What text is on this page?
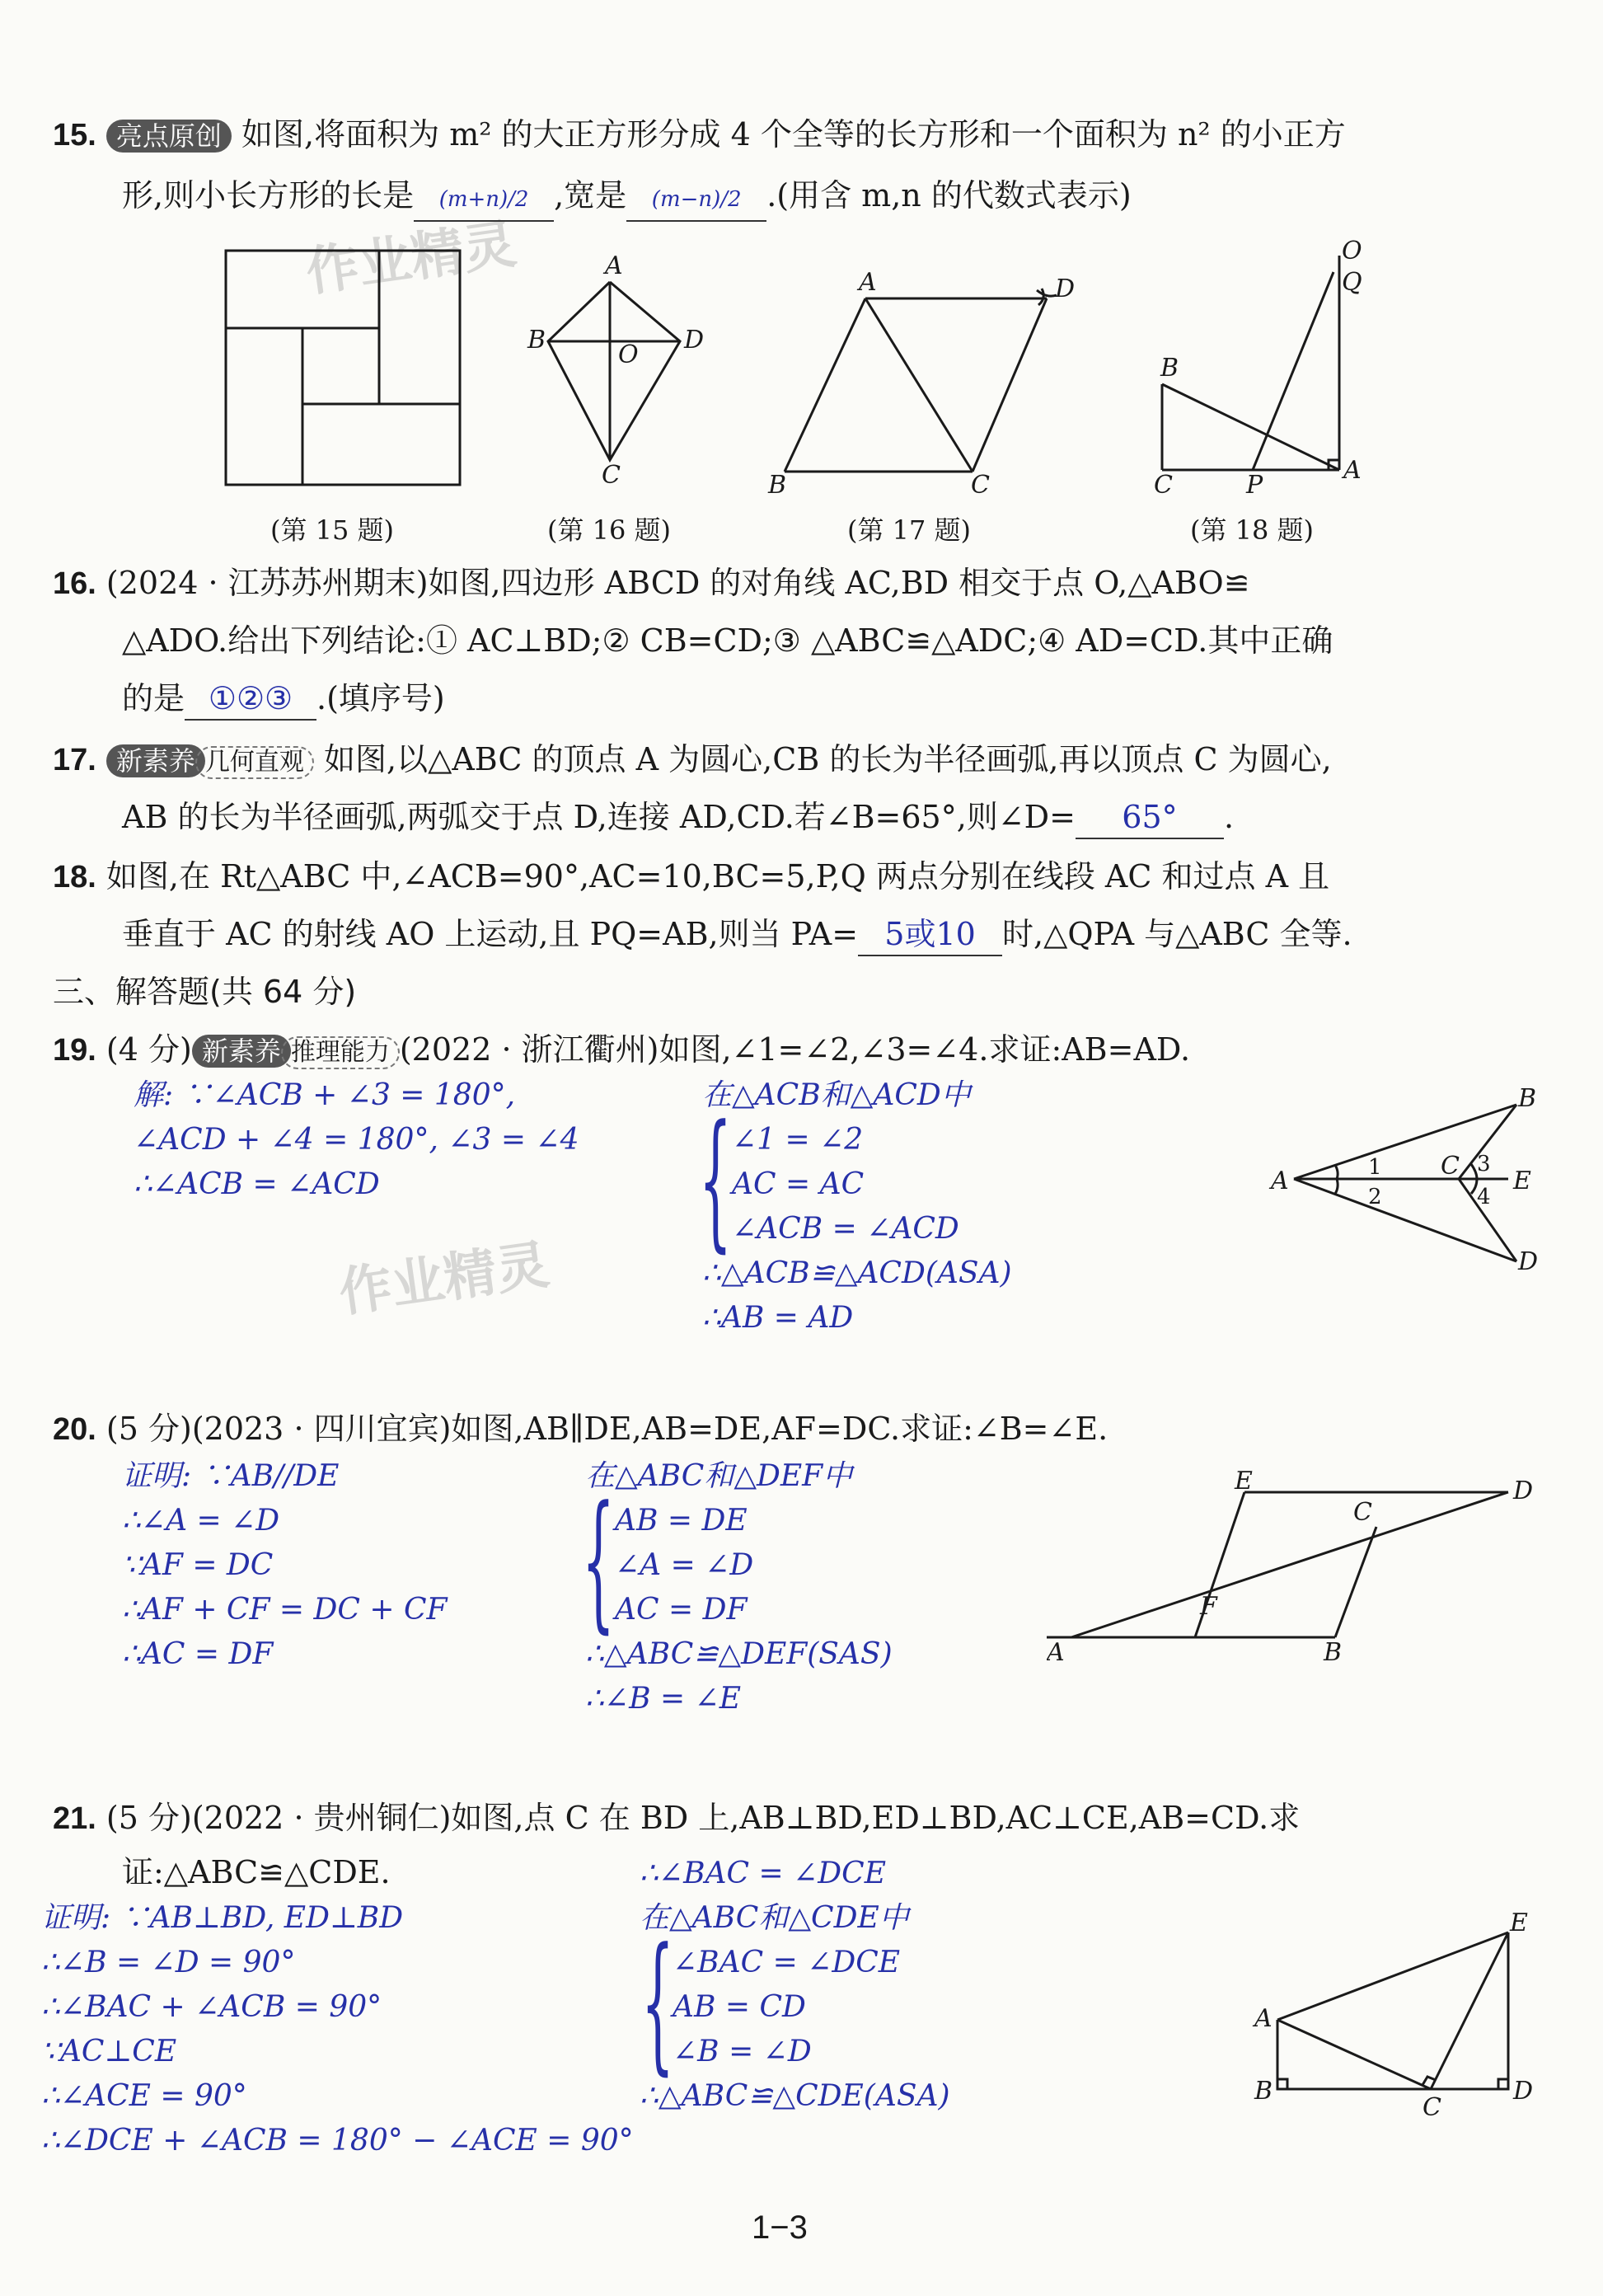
作业精灵
作业精灵
15. 亮点原创 如图,将面积为 m² 的大正方形分成 4 个全等的长方形和一个面积为 n² 的小正方
形,则小长方形的长是 (m+n)/2 ,宽是 (m−n)/2 .(用含 m,n 的代数式表示)
A
B	D
O
C
A	D
B	C
B
C	P
A
O
Q
(第 15 题)	(第 16 题)	(第 17 题)	(第 18 题)
16. (2024 · 江苏苏州期末)如图,四边形 ABCD 的对角线 AC,BD 相交于点 O,△ABO≌
△ADO.给出下列结论:① AC⊥BD;② CB=CD;③ △ABC≌△ADC;④ AD=CD.其中正确
的是 ①②③ .(填序号)
17. 新素养 几何直观 如图,以△ABC 的顶点 A 为圆心,CB 的长为半径画弧,再以顶点 C 为圆心,
AB 的长为半径画弧,两弧交于点 D,连接 AD,CD.若∠B=65°,则∠D= 65° .
18. 如图,在 Rt△ABC 中,∠ACB=90°,AC=10,BC=5,P,Q 两点分别在线段 AC 和过点 A 且
垂直于 AC 的射线 AO 上运动,且 PQ=AB,则当 PA= 5或10 时,△QPA 与△ABC 全等.
三、解答题(共 64 分)
19. (4 分) 新素养 推理能力 (2022 · 浙江衢州)如图,∠1=∠2,∠3=∠4.求证:AB=AD.
解: ∵∠ACB + ∠3 = 180°,
∠ACD + ∠4 = 180°, ∠3 = ∠4
∴∠ACB = ∠ACD
在△ACB和△ACD中
{ ∠1 = ∠2
AC = AC
∠ACB = ∠ACD
∴△ACB≌△ACD(ASA)
∴AB = AD
A
B
C
D
E
1
2
3
4
20. (5 分)(2023 · 四川宜宾)如图,AB∥DE,AB=DE,AF=DC.求证:∠B=∠E.
证明: ∵AB//DE
∴∠A = ∠D
∵AF = DC
∴AF + CF = DC + CF
∴AC = DF
在△ABC和△DEF中
{ AB = DE
∠A = ∠D
AC = DF
∴△ABC≌△DEF(SAS)
∴∠B = ∠E
A	B
C
D
E
F
21. (5 分)(2022 · 贵州铜仁)如图,点 C 在 BD 上,AB⊥BD,ED⊥BD,AC⊥CE,AB=CD.求
证:△ABC≌△CDE.
证明: ∵AB⊥BD, ED⊥BD
∴∠B = ∠D = 90°
∴∠BAC + ∠ACB = 90°
∵AC⊥CE
∴∠ACE = 90°
∴∠DCE + ∠ACB = 180° − ∠ACE = 90°
∴∠BAC = ∠DCE
在△ABC和△CDE中
{
∠BAC = ∠DCE
AB = CD
∠B = ∠D
∴△ABC≌△CDE(ASA)
A
B
C
D
E
1−3
